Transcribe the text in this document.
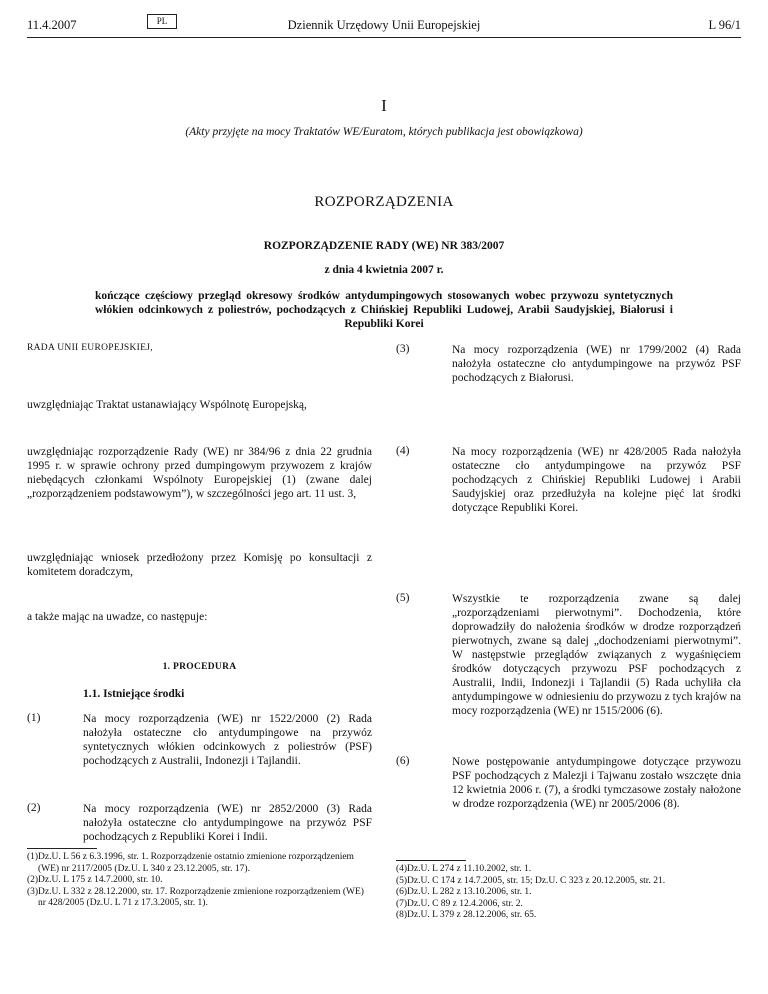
11.4.2007	PL	Dziennik Urzędowy Unii Europejskiej	L 96/1
I
(Akty przyjęte na mocy Traktatów WE/Euratom, których publikacja jest obowiązkowa)
ROZPORZĄDZENIA
ROZPORZĄDZENIE RADY (WE) NR 383/2007
z dnia 4 kwietnia 2007 r.
kończące częściowy przegląd okresowy środków antydumpingowych stosowanych wobec przywozu syntetycznych włókien odcinkowych z poliestrów, pochodzących z Chińskiej Republiki Ludowej, Arabii Saudyjskiej, Białorusi i Republiki Korei
RADA UNII EUROPEJSKIEJ,

uwzględniając Traktat ustanawiający Wspólnotę Europejską,

uwzględniając rozporządzenie Rady (WE) nr 384/96 z dnia 22 grudnia 1995 r. w sprawie ochrony przed dumpingowym przywozem z krajów niebędących członkami Wspólnoty Europejskiej (1) (zwane dalej „rozporządzeniem podstawowym”), w szczególności jego art. 11 ust. 3,

uwzględniając wniosek przedłożony przez Komisję po konsultacji z komitetem doradczym,

a także mając na uwadze, co następuje:

1. PROCEDURA
1.1. Istniejące środki
(1)	Na mocy rozporządzenia (WE) nr 1522/2000 (2) Rada nałożyła ostateczne cło antydumpingowe na przywóz syntetycznych włókien odcinkowych z poliestrów (PSF) pochodzących z Australii, Indonezji i Tajlandii.

(2)	Na mocy rozporządzenia (WE) nr 2852/2000 (3) Rada nałożyła ostateczne cło antydumpingowe na przywóz PSF pochodzących z Republiki Korei i Indii.

(1) Dz.U. L 56 z 6.3.1996, str. 1. Rozporządzenie ostatnio zmienione rozporządzeniem (WE) nr 2117/2005 (Dz.U. L 340 z 23.12.2005, str. 17).
(2) Dz.U. L 175 z 14.7.2000, str. 10.
(3) Dz.U. L 332 z 28.12.2000, str. 17. Rozporządzenie zmienione rozporządzeniem (WE) nr 428/2005 (Dz.U. L 71 z 17.3.2005, str. 1).
(3)	Na mocy rozporządzenia (WE) nr 1799/2002 (4) Rada nałożyła ostateczne cło antydumpingowe na przywóz PSF pochodzących z Białorusi.

(4)	Na mocy rozporządzenia (WE) nr 428/2005 Rada nałożyła ostateczne cło antydumpingowe na przywóz PSF pochodzących z Chińskiej Republiki Ludowej i Arabii Saudyjskiej oraz przedłużyła na kolejne pięć lat środki dotyczące Republiki Korei.

(5)	Wszystkie te rozporządzenia zwane są dalej „rozporządzeniami pierwotnymi”. Dochodzenia, które doprowadziły do nałożenia środków w drodze rozporządzeń pierwotnych, zwane są dalej „dochodzeniami pierwotnymi”. W następstwie przeglądów związanych z wygaśnięciem środków dotyczących przywozu PSF pochodzących z Australii, Indii, Indonezji i Tajlandii (5) Rada uchyliła cła antydumpingowe w odniesieniu do przywozu z tych krajów na mocy rozporządzenia (WE) nr 1515/2006 (6).

(6)	Nowe postępowanie antydumpingowe dotyczące przywozu PSF pochodzących z Malezji i Tajwanu zostało wszczęte dnia 12 kwietnia 2006 r. (7), a środki tymczasowe zostały nałożone w drodze rozporządzenia (WE) nr 2005/2006 (8).

(4) Dz.U. L 274 z 11.10.2002, str. 1.
(5) Dz.U. C 174 z 14.7.2005, str. 15; Dz.U. C 323 z 20.12.2005, str. 21.
(6) Dz.U. L 282 z 13.10.2006, str. 1.
(7) Dz.U. C 89 z 12.4.2006, str. 2.
(8) Dz.U. L 379 z 28.12.2006, str. 65.
